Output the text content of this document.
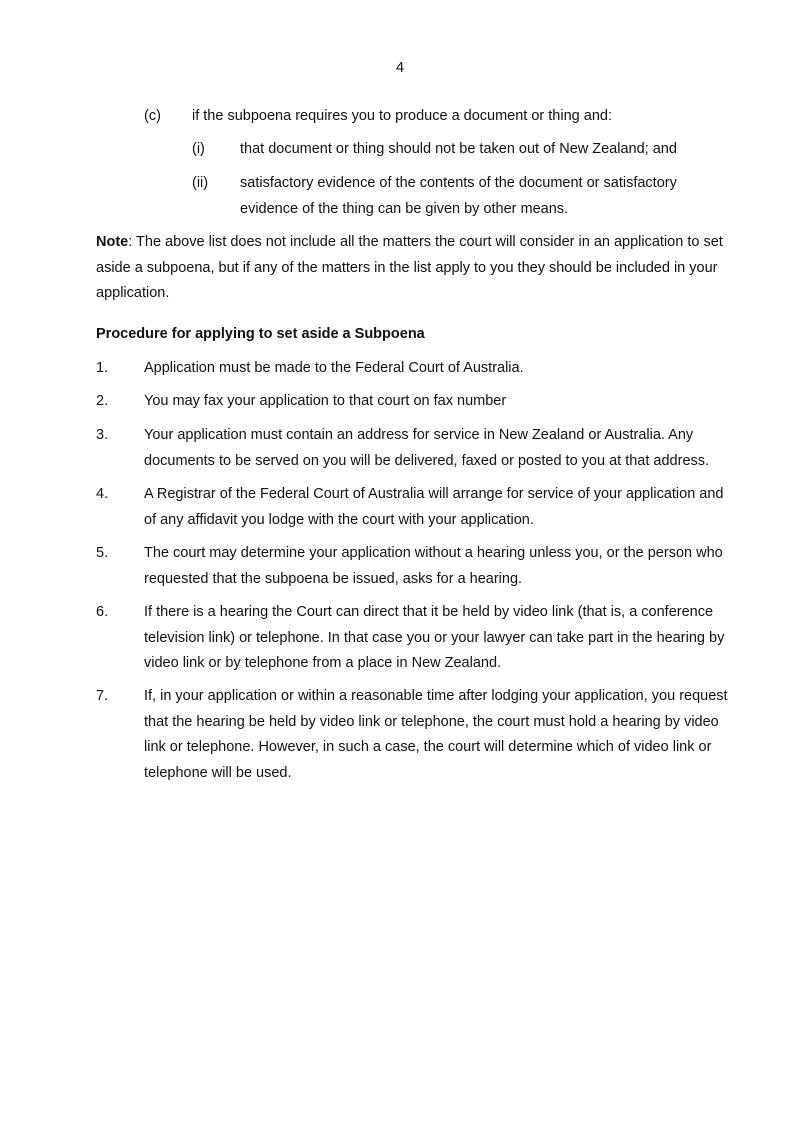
4
(c) if the subpoena requires you to produce a document or thing and:
(i) that document or thing should not be taken out of New Zealand; and
(ii) satisfactory evidence of the contents of the document or satisfactory evidence of the thing can be given by other means.
Note: The above list does not include all the matters the court will consider in an application to set aside a subpoena, but if any of the matters in the list apply to you they should be included in your application.
Procedure for applying to set aside a Subpoena
1. Application must be made to the Federal Court of Australia.
2. You may fax your application to that court on fax number
3. Your application must contain an address for service in New Zealand or Australia. Any documents to be served on you will be delivered, faxed or posted to you at that address.
4. A Registrar of the Federal Court of Australia will arrange for service of your application and of any affidavit you lodge with the court with your application.
5. The court may determine your application without a hearing unless you, or the person who requested that the subpoena be issued, asks for a hearing.
6. If there is a hearing the Court can direct that it be held by video link (that is, a conference television link) or telephone. In that case you or your lawyer can take part in the hearing by video link or by telephone from a place in New Zealand.
7. If, in your application or within a reasonable time after lodging your application, you request that the hearing be held by video link or telephone, the court must hold a hearing by video link or telephone. However, in such a case, the court will determine which of video link or telephone will be used.
